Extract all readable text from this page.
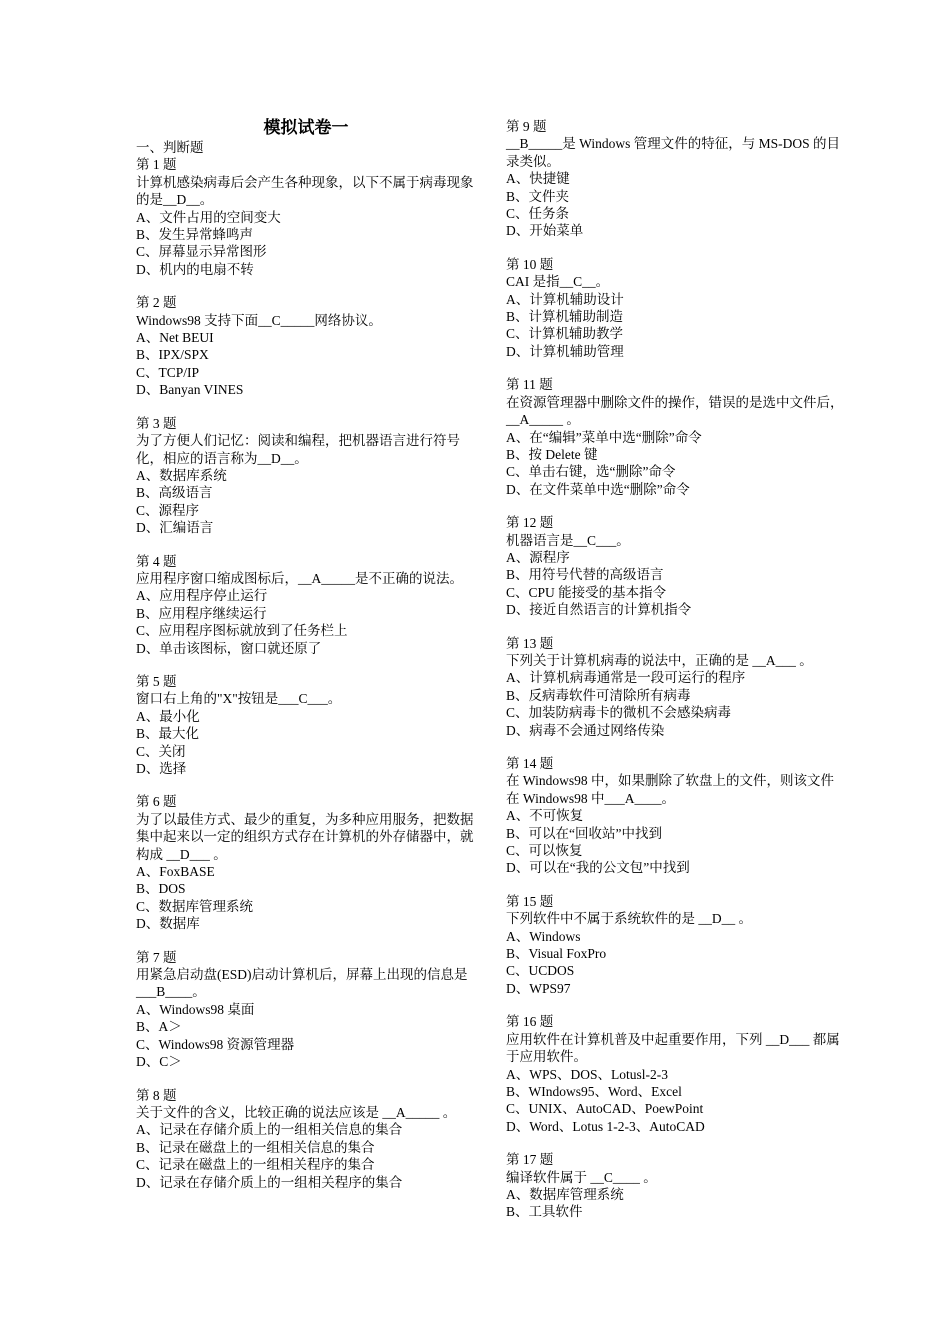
模拟试卷一
一、判断题
第 1 题
计算机感染病毒后会产生各种现象，以下不属于病毒现象的是__D__。
A、文件占用的空间变大
B、发生异常蜂鸣声
C、屏幕显示异常图形
D、机内的电扇不转
第 2 题
Windows98 支持下面__C_____网络协议。
A、Net BEUI
B、IPX/SPX
C、TCP/IP
D、Banyan VINES
第 3 题
为了方便人们记忆：阅读和编程，把机器语言进行符号化，相应的语言称为__D__。
A、数据库系统
B、高级语言
C、源程序
D、汇编语言
第 4 题
应用程序窗口缩成图标后，__A_____是不正确的说法。
A、应用程序停止运行
B、应用程序继续运行
C、应用程序图标就放到了任务栏上
D、单击该图标，窗口就还原了
第 5 题
窗口右上角的"X"按钮是___C___。
A、最小化
B、最大化
C、关闭
D、选择
第 6 题
为了以最佳方式、最少的重复，为多种应用服务，把数据集中起来以一定的组织方式存在计算机的外存储器中，就构成 __D___ 。
A、FoxBASE
B、DOS
C、数据库管理系统
D、数据库
第 7 题
用紧急启动盘(ESD)启动计算机后，屏幕上出现的信息是___B____。
A、Windows98 桌面
B、A＞
C、Windows98 资源管理器
D、C＞
第 8 题
关于文件的含义，比较正确的说法应该是 __A_____ 。
A、记录在存储介质上的一组相关信息的集合
B、记录在磁盘上的一组相关信息的集合
C、记录在磁盘上的一组相关程序的集合
D、记录在存储介质上的一组相关程序的集合
第 9 题
__B_____是 Windows 管理文件的特征，与 MS-DOS 的目录类似。
A、快捷键
B、文件夹
C、任务条
D、开始菜单
第 10 题
CAI 是指__C__。
A、计算机辅助设计
B、计算机辅助制造
C、计算机辅助教学
D、计算机辅助管理
第 11 题
在资源管理器中删除文件的操作，错误的是选中文件后， __A_____ 。
A、在“编辑”菜单中选“删除”命令
B、按 Delete 键
C、单击右键，选“删除”命令
D、在文件菜单中选“删除”命令
第 12 题
机器语言是__C___。
A、源程序
B、用符号代替的高级语言
C、CPU 能接受的基本指令
D、接近自然语言的计算机指令
第 13 题
下列关于计算机病毒的说法中，正确的是 __A___ 。
A、计算机病毒通常是一段可运行的程序
B、反病毒软件可清除所有病毒
C、加装防病毒卡的微机不会感染病毒
D、病毒不会通过网络传染
第 14 题
在 Windows98 中，如果删除了软盘上的文件，则该文件在 Windows98 中___A____。
A、不可恢复
B、可以在“回收站”中找到
C、可以恢复
D、可以在“我的公文包”中找到
第 15 题
下列软件中不属于系统软件的是 __D__ 。
A、Windows
B、Visual FoxPro
C、UCDOS
D、WPS97
第 16 题
应用软件在计算机普及中起重要作用，下列 __D___ 都属于应用软件。
A、WPS、DOS、Lotusl-2-3
B、WIndows95、Word、Excel
C、UNIX、AutoCAD、PoewPoint
D、Word、Lotus 1-2-3、AutoCAD
第 17 题
编译软件属于 __C____ 。
A、数据库管理系统
B、工具软件
